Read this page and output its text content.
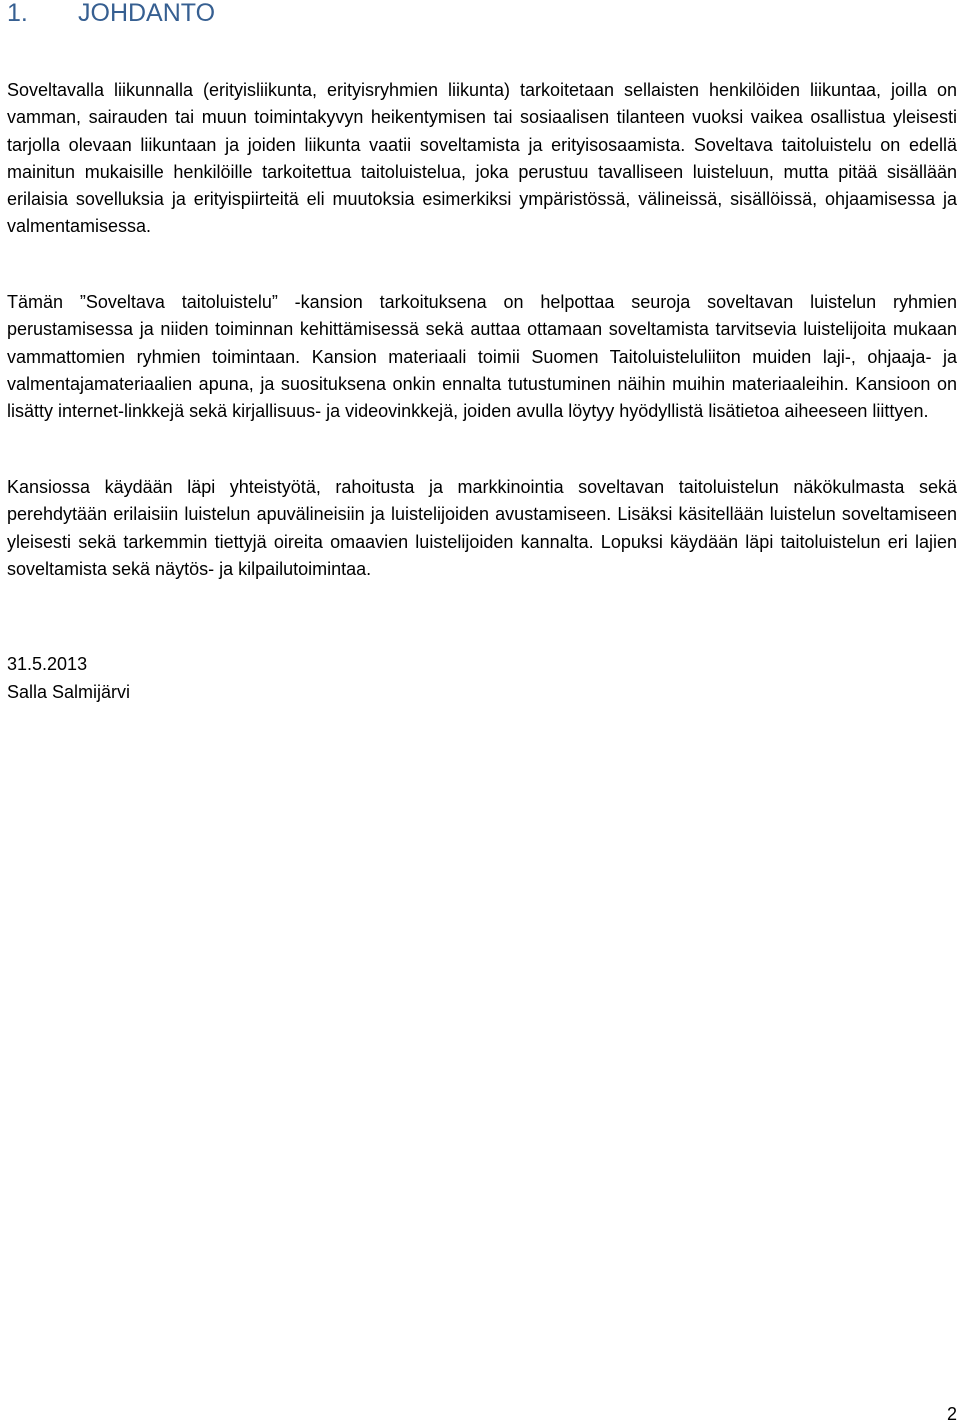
1. JOHDANTO

Soveltavalla liikunnalla (erityisliikunta, erityisryhmien liikunta) tarkoitetaan sellaisten henkilöiden liikuntaa, joilla on vamman, sairauden tai muun toimintakyvyn heikentymisen tai sosiaalisen tilanteen vuoksi vaikea osallistua yleisesti tarjolla olevaan liikuntaan ja joiden liikunta vaatii soveltamista ja erityisosaamista. Soveltava taitoluistelu on edellä mainitun mukaisille henkilöille tarkoitettua taitoluistelua, joka perustuu tavalliseen luisteluun, mutta pitää sisällään erilaisia sovelluksia ja erityispiirteitä eli muutoksia esimerkiksi ympäristössä, välineissä, sisällöissä, ohjaamisessa ja valmentamisessa.

Tämän ”Soveltava taitoluistelu” -kansion tarkoituksena on helpottaa seuroja soveltavan luistelun ryhmien perustamisessa ja niiden toiminnan kehittämisessä sekä auttaa ottamaan soveltamista tarvitsevia luistelijoita mukaan vammattomien ryhmien toimintaan. Kansion materiaali toimii Suomen Taitoluisteluliiton muiden laji-, ohjaaja- ja valmentajamateriaalien apuna, ja suosituksena onkin ennalta tutustuminen näihin muihin materiaaleihin. Kansioon on lisätty internet-linkkejä sekä kirjallisuus- ja videovinkkejä, joiden avulla löytyy hyödyllistä lisätietoa aiheeseen liittyen.

Kansiossa käydään läpi yhteistyötä, rahoitusta ja markkinointia soveltavan taitoluistelun näkökulmasta sekä perehdytään erilaisiin luistelun apuvälineisiin ja luistelijoiden avustamiseen. Lisäksi käsitellään luistelun soveltamiseen yleisesti sekä tarkemmin tiettyjä oireita omaavien luistelijoiden kannalta. Lopuksi käydään läpi taitoluistelun eri lajien soveltamista sekä näytös- ja kilpailutoimintaa.

31.5.2013
Salla Salmijärvi
2
